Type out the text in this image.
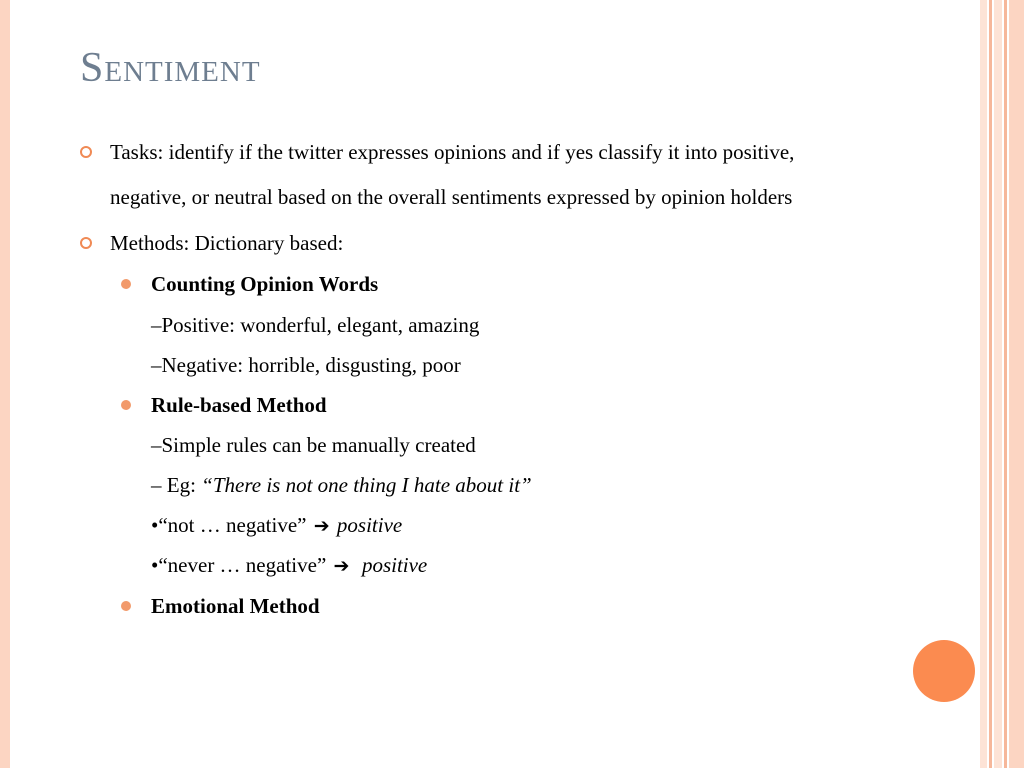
Sentiment
Tasks: identify if the twitter expresses opinions and if yes classify it into positive,
negative, or neutral based on the overall sentiments expressed by opinion holders
Methods: Dictionary based:
Counting Opinion Words
–Positive: wonderful, elegant, amazing
–Negative: horrible, disgusting, poor
Rule-based Method
–Simple rules can be manually created
– Eg: “There is not one thing I hate about it”
•“not … negative” ➔ positive
•“never … negative” ➔ positive
Emotional Method
